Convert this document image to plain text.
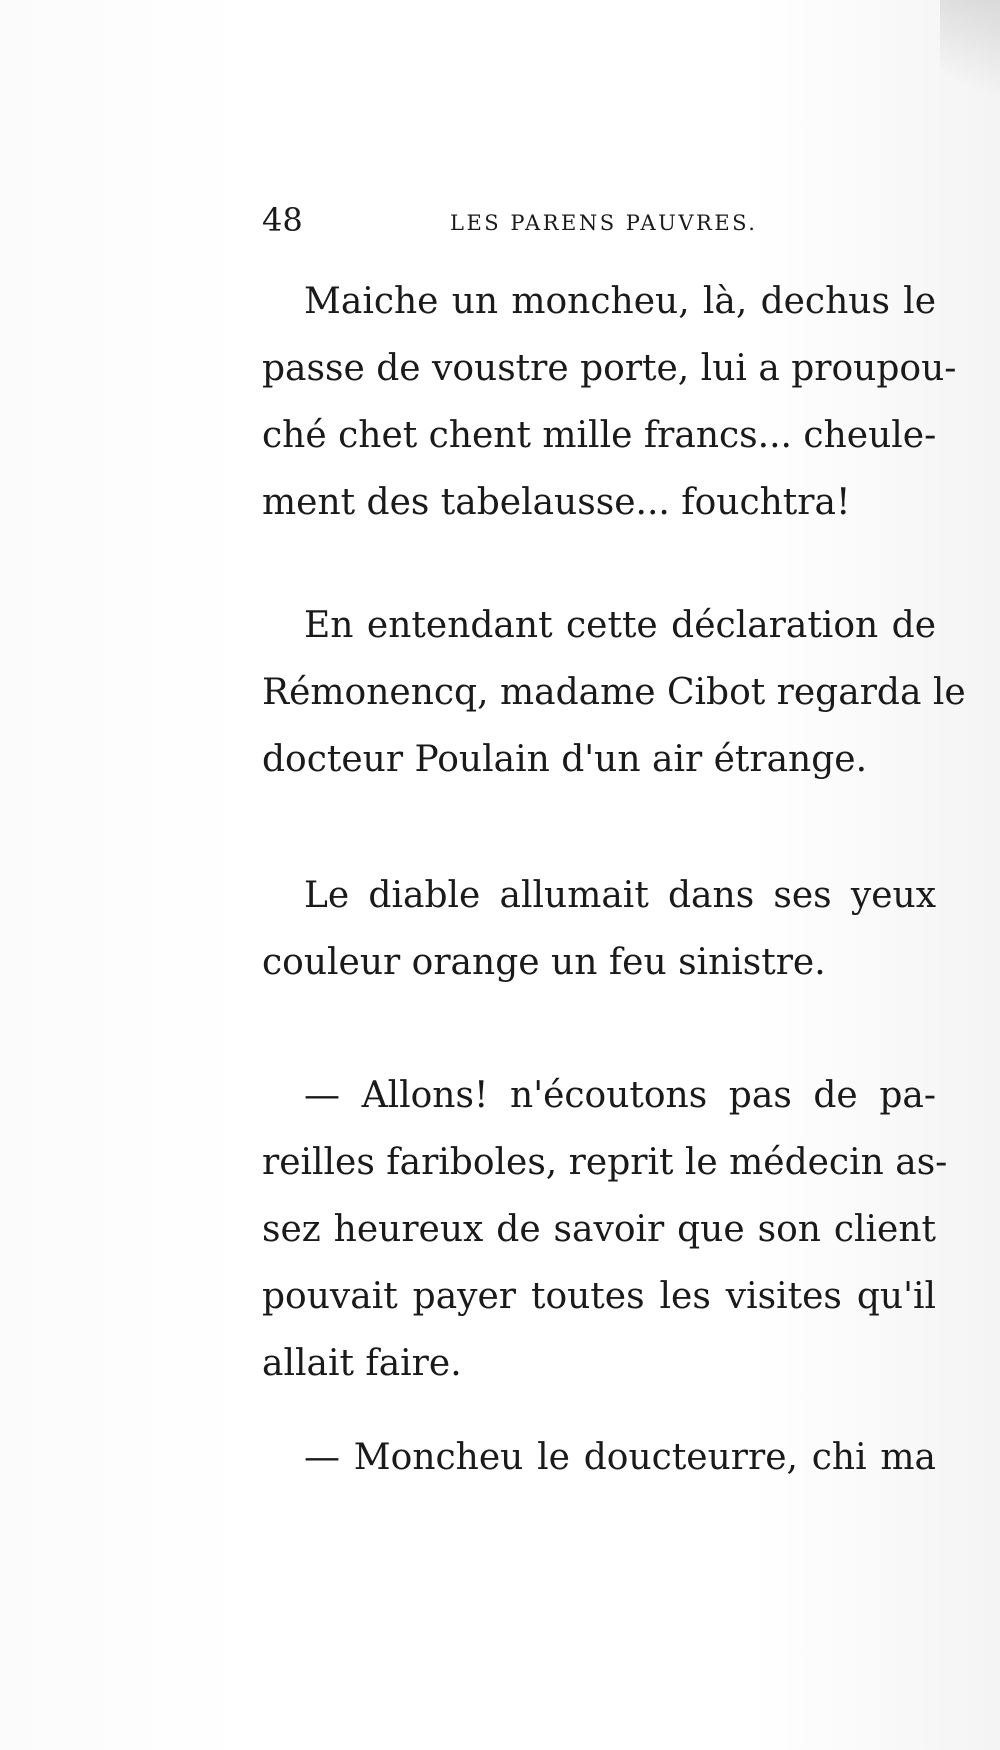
48	LES PARENS PAUVRES.
Maiche un moncheu, là, dechus le
passe de voustre porte, lui a proupou-
ché chet chent mille francs... cheule-
ment des tabelausse... fouchtra!
En entendant cette déclaration de
Rémonencq, madame Cibot regarda le
docteur Poulain d'un air étrange.
Le diable allumait dans ses yeux
couleur orange un feu sinistre.
— Allons! n'écoutons pas de pa-
reilles fariboles, reprit le médecin as-
sez heureux de savoir que son client
pouvait payer toutes les visites qu'il
allait faire.
— Moncheu le doucteurre, chi ma
